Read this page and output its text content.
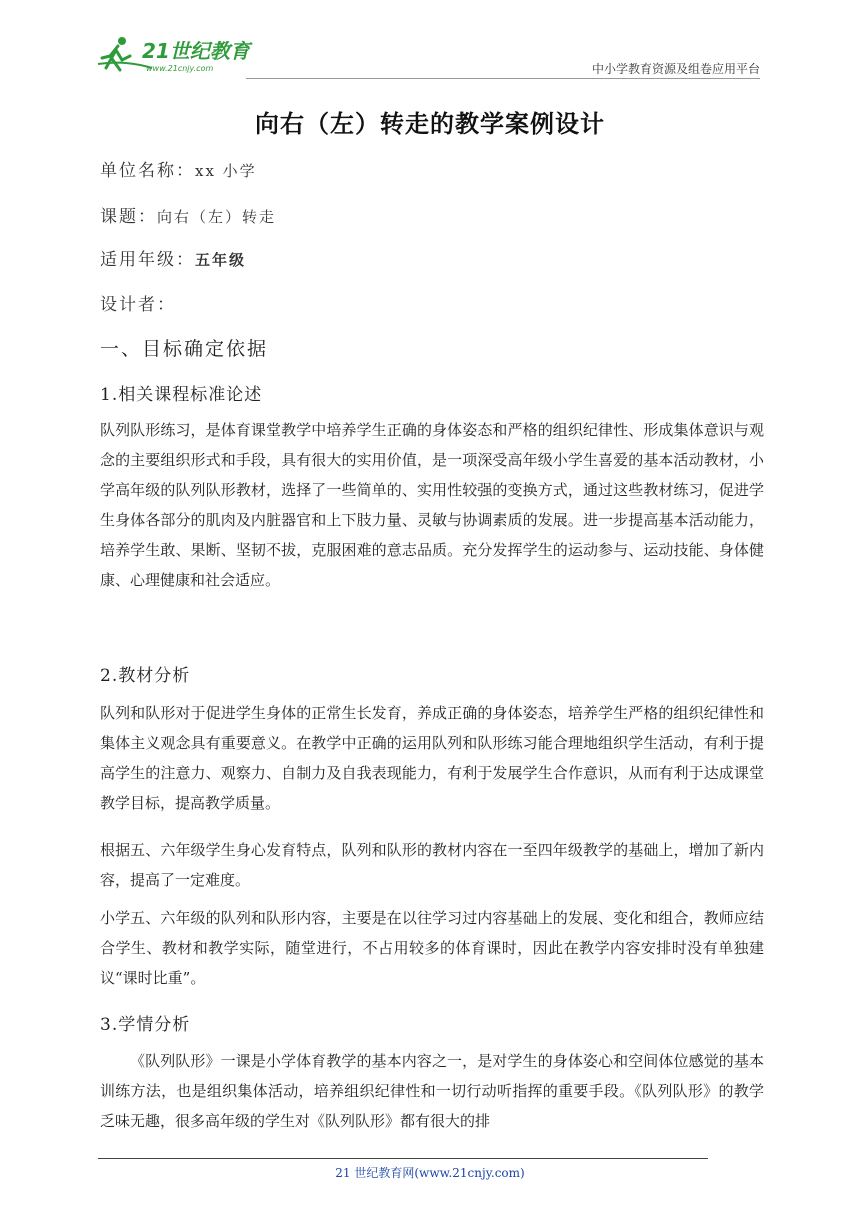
21世纪教育
www.21cnjy.com	中小学教育资源及组卷应用平台
向右（左）转走的教学案例设计
单位名称：xx 小学
课题：向右（左）转走
适用年级：五年级
设计者：
一、目标确定依据
1.相关课程标准论述
队列队形练习，是体育课堂教学中培养学生正确的身体姿态和严格的组织纪律性、形成集体意识与观念的主要组织形式和手段，具有很大的实用价值，是一项深受高年级小学生喜爱的基本活动教材，小学高年级的队列队形教材，选择了一些简单的、实用性较强的变换方式，通过这些教材练习，促进学生身体各部分的肌肉及内脏器官和上下肢力量、灵敏与协调素质的发展。进一步提高基本活动能力，培养学生敢、果断、坚韧不拔，克服困难的意志品质。充分发挥学生的运动参与、运动技能、身体健康、心理健康和社会适应。
2.教材分析
队列和队形对于促进学生身体的正常生长发育，养成正确的身体姿态，培养学生严格的组织纪律性和集体主义观念具有重要意义。在教学中正确的运用队列和队形练习能合理地组织学生活动，有利于提高学生的注意力、观察力、自制力及自我表现能力，有利于发展学生合作意识，从而有利于达成课堂教学目标，提高教学质量。
根据五、六年级学生身心发育特点，队列和队形的教材内容在一至四年级教学的基础上，增加了新内容，提高了一定难度。
小学五、六年级的队列和队形内容，主要是在以往学习过内容基础上的发展、变化和组合，教师应结合学生、教材和教学实际，随堂进行，不占用较多的体育课时，因此在教学内容安排时没有单独建议“课时比重”。
3.学情分析
《队列队形》一课是小学体育教学的基本内容之一，是对学生的身体姿心和空间体位感觉的基本训练方法，也是组织集体活动，培养组织纪律性和一切行动听指挥的重要手段。《队列队形》的教学乏味无趣，很多高年级的学生对《队列队形》都有很大的排
21 世纪教育网(www.21cnjy.com)
